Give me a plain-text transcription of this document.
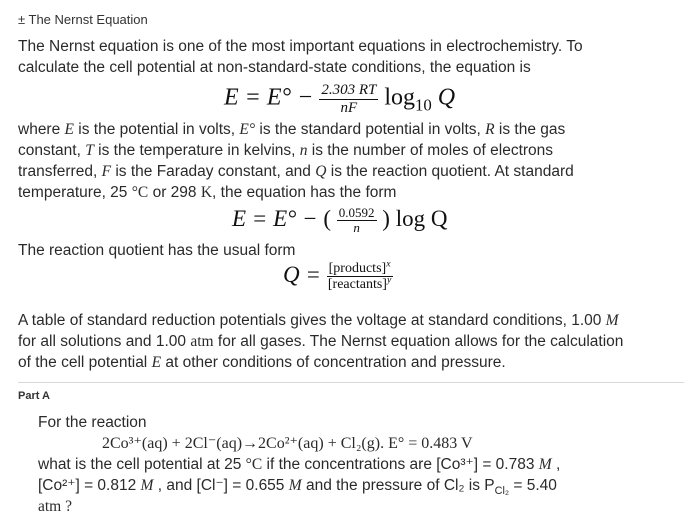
± The Nernst Equation
The Nernst equation is one of the most important equations in electrochemistry. To
calculate the cell potential at non-standard-state conditions, the equation is
$E = E^\circ - \frac{2.303 RT}{nF} \log_{10} Q$
where E is the potential in volts, E° is the standard potential in volts, R is the gas
constant, T is the temperature in kelvins, n is the number of moles of electrons
transferred, F is the Faraday constant, and Q is the reaction quotient. At standard
temperature, 25 °C or 298 K, the equation has the form
E = E° − ( $\frac{0.0592}{n}$ ) log Q
The reaction quotient has the usual form
$Q = \frac{[products]^x}{[reactants]^y}$
A table of standard reduction potentials gives the voltage at standard conditions, 1.00 M
for all solutions and 1.00 atm for all gases. The Nernst equation allows for the calculation
of the cell potential E at other conditions of concentration and pressure.
Part A
For the reaction
2Co³⁺(aq) + 2Cl⁻(aq)→2Co²⁺(aq) + Cl₂(g). E° = 0.483 V
what is the cell potential at 25 °C if the concentrations are [Co³⁺] = 0.783 M ,
[Co²⁺] = 0.812 M , and [Cl⁻] = 0.655 M and the pressure of Cl₂ is $P_{Cl_2} = 5.40$
atm ?
